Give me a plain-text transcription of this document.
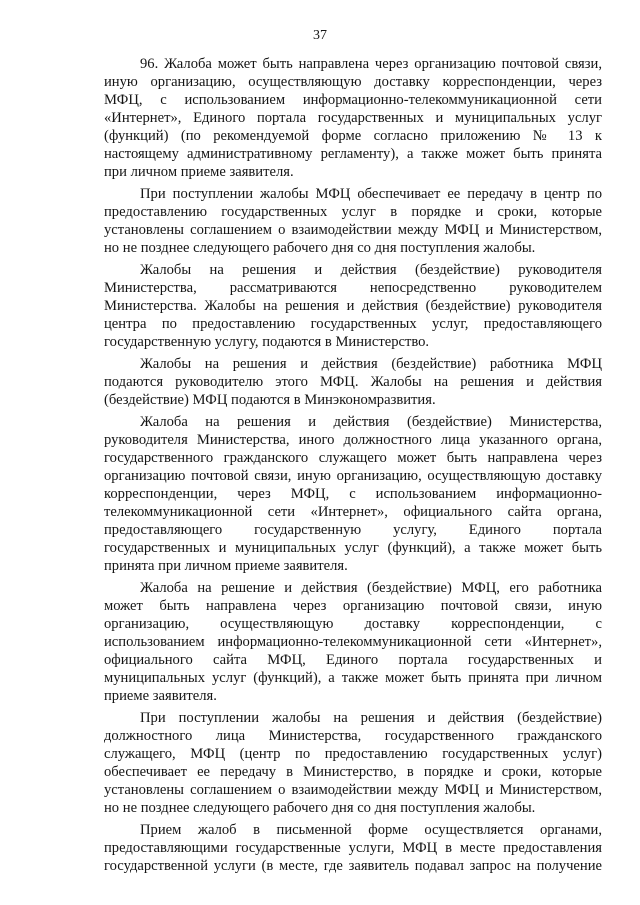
37
96. Жалоба может быть направлена через организацию почтовой связи,
иную организацию, осуществляющую доставку корреспонденции, через
МФЦ, с использованием информационно-телекоммуникационной сети
«Интернет», Единого портала государственных и муниципальных услуг
(функций) (по рекомендуемой форме согласно приложению № 13 к
настоящему административному регламенту), а также может быть принята
при личном приеме заявителя.
При поступлении жалобы МФЦ обеспечивает ее передачу в центр по
предоставлению государственных услуг в порядке и сроки, которые
установлены соглашением о взаимодействии между МФЦ и Министерством,
но не позднее следующего рабочего дня со дня поступления жалобы.
Жалобы на решения и действия (бездействие) руководителя
Министерства, рассматриваются непосредственно руководителем
Министерства. Жалобы на решения и действия (бездействие) руководителя
центра по предоставлению государственных услуг, предоставляющего
государственную услугу, подаются в Министерство.
Жалобы на решения и действия (бездействие) работника МФЦ
подаются руководителю этого МФЦ. Жалобы на решения и действия
(бездействие) МФЦ подаются в Минэкономразвития.
Жалоба на решения и действия (бездействие) Министерства,
руководителя Министерства, иного должностного лица указанного органа,
государственного гражданского служащего может быть направлена через
организацию почтовой связи, иную организацию, осуществляющую доставку
корреспонденции, через МФЦ, с использованием информационно-
телекоммуникационной сети «Интернет», официального сайта органа,
предоставляющего государственную услугу, Единого портала
государственных и муниципальных услуг (функций), а также может быть
принята при личном приеме заявителя.
Жалоба на решение и действия (бездействие) МФЦ, его работника
может быть направлена через организацию почтовой связи, иную
организацию, осуществляющую доставку корреспонденции, с
использованием информационно-телекоммуникационной сети «Интернет»,
официального сайта МФЦ, Единого портала государственных и
муниципальных услуг (функций), а также может быть принята при личном
приеме заявителя.
При поступлении жалобы на решения и действия (бездействие)
должностного лица Министерства, государственного гражданского
служащего, МФЦ (центр по предоставлению государственных услуг)
обеспечивает ее передачу в Министерство, в порядке и сроки, которые
установлены соглашением о взаимодействии между МФЦ и Министерством,
но не позднее следующего рабочего дня со дня поступления жалобы.
Прием жалоб в письменной форме осуществляется органами,
предоставляющими государственные услуги, МФЦ в месте предоставления
государственной услуги (в месте, где заявитель подавал запрос на получение
